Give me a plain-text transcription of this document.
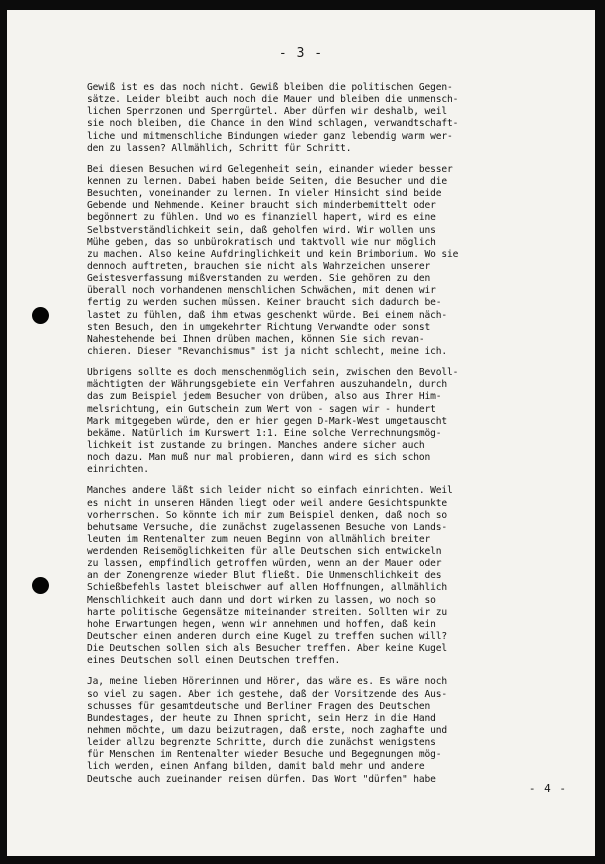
- 3 -
Gewiß ist es das noch nicht. Gewiß bleiben die politischen Gegen-
sätze. Leider bleibt auch noch die Mauer und bleiben die unmensch-
lichen Sperrzonen und Sperrgürtel. Aber dürfen wir deshalb, weil
sie noch bleiben, die Chance in den Wind schlagen, verwandtschaft-
liche und mitmenschliche Bindungen wieder ganz lebendig warm wer-
den zu lassen? Allmählich, Schritt für Schritt.
Bei diesen Besuchen wird Gelegenheit sein, einander wieder besser
kennen zu lernen. Dabei haben beide Seiten, die Besucher und die
Besuchten, voneinander zu lernen. In vieler Hinsicht sind beide
Gebende und Nehmende. Keiner braucht sich minderbemittelt oder
begönnert zu fühlen. Und wo es finanziell hapert, wird es eine
Selbstverständlichkeit sein, daß geholfen wird. Wir wollen uns
Mühe geben, das so unbürokratisch und taktvoll wie nur möglich
zu machen. Also keine Aufdringlichkeit und kein Brimborium. Wo sie
dennoch auftreten, brauchen sie nicht als Wahrzeichen unserer
Geistesverfassung mißverstanden zu werden. Sie gehören zu den
überall noch vorhandenen menschlichen Schwächen, mit denen wir
fertig zu werden suchen müssen. Keiner braucht sich dadurch be-
lastet zu fühlen, daß ihm etwas geschenkt würde. Bei einem näch-
sten Besuch, den in umgekehrter Richtung Verwandte oder sonst
Nahestehende bei Ihnen drüben machen, können Sie sich revan-
chieren. Dieser "Revanchismus" ist ja nicht schlecht, meine ich.
Übrigens sollte es doch menschenmöglich sein, zwischen den Bevoll-
mächtigten der Währungsgebiete ein Verfahren auszuhandeln, durch
das zum Beispiel jedem Besucher von drüben, also aus Ihrer Him-
melsrichtung, ein Gutschein zum Wert von - sagen wir - hundert
Mark mitgegeben würde, den er hier gegen D-Mark-West umgetauscht
bekäme. Natürlich im Kurswert 1:1. Eine solche Verrechnungsmög-
lichkeit ist zustande zu bringen. Manches andere sicher auch
noch dazu. Man muß nur mal probieren, dann wird es sich schon
einrichten.
Manches andere läßt sich leider nicht so einfach einrichten. Weil
es nicht in unseren Händen liegt oder weil andere Gesichtspunkte
vorherrschen. So könnte ich mir zum Beispiel denken, daß noch so
behutsame Versuche, die zunächst zugelassenen Besuche von Lands-
leuten im Rentenalter zum neuen Beginn von allmählich breiter
werdenden Reisemöglichkeiten für alle Deutschen sich entwickeln
zu lassen, empfindlich getroffen würden, wenn an der Mauer oder
an der Zonengrenze wieder Blut fließt. Die Unmenschlichkeit des
Schießbefehls lastet bleischwer auf allen Hoffnungen, allmählich
Menschlichkeit auch dann und dort wirken zu lassen, wo noch so
harte politische Gegensätze miteinander streiten. Sollten wir zu
hohe Erwartungen hegen, wenn wir annehmen und hoffen, daß kein
Deutscher einen anderen durch eine Kugel zu treffen suchen will?
Die Deutschen sollen sich als Besucher treffen. Aber keine Kugel
eines Deutschen soll einen Deutschen treffen.
Ja, meine lieben Hörerinnen und Hörer, das wäre es. Es wäre noch
so viel zu sagen. Aber ich gestehe, daß der Vorsitzende des Aus-
schusses für gesamtdeutsche und Berliner Fragen des Deutschen
Bundestages, der heute zu Ihnen spricht, sein Herz in die Hand
nehmen möchte, um dazu beizutragen, daß erste, noch zaghafte und
leider allzu begrenzte Schritte, durch die zunächst wenigstens
für Menschen im Rentenalter wieder Besuche und Begegnungen mög-
lich werden, einen Anfang bilden, damit bald mehr und andere
Deutsche auch zueinander reisen dürfen. Das Wort "dürfen" habe
- 4 -
